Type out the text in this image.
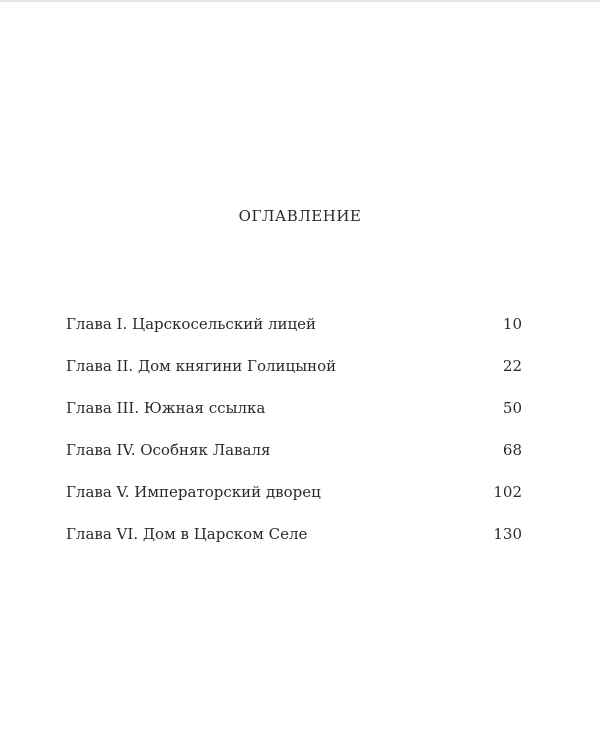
ОГЛАВЛЕНИЕ
Глава I. Царскосельский лицей	10
Глава II. Дом княгини Голицыной	22
Глава III. Южная ссылка	50
Глава IV. Особняк Лаваля	68
Глава V. Императорский дворец	102
Глава VI. Дом в Царском Селе	130
